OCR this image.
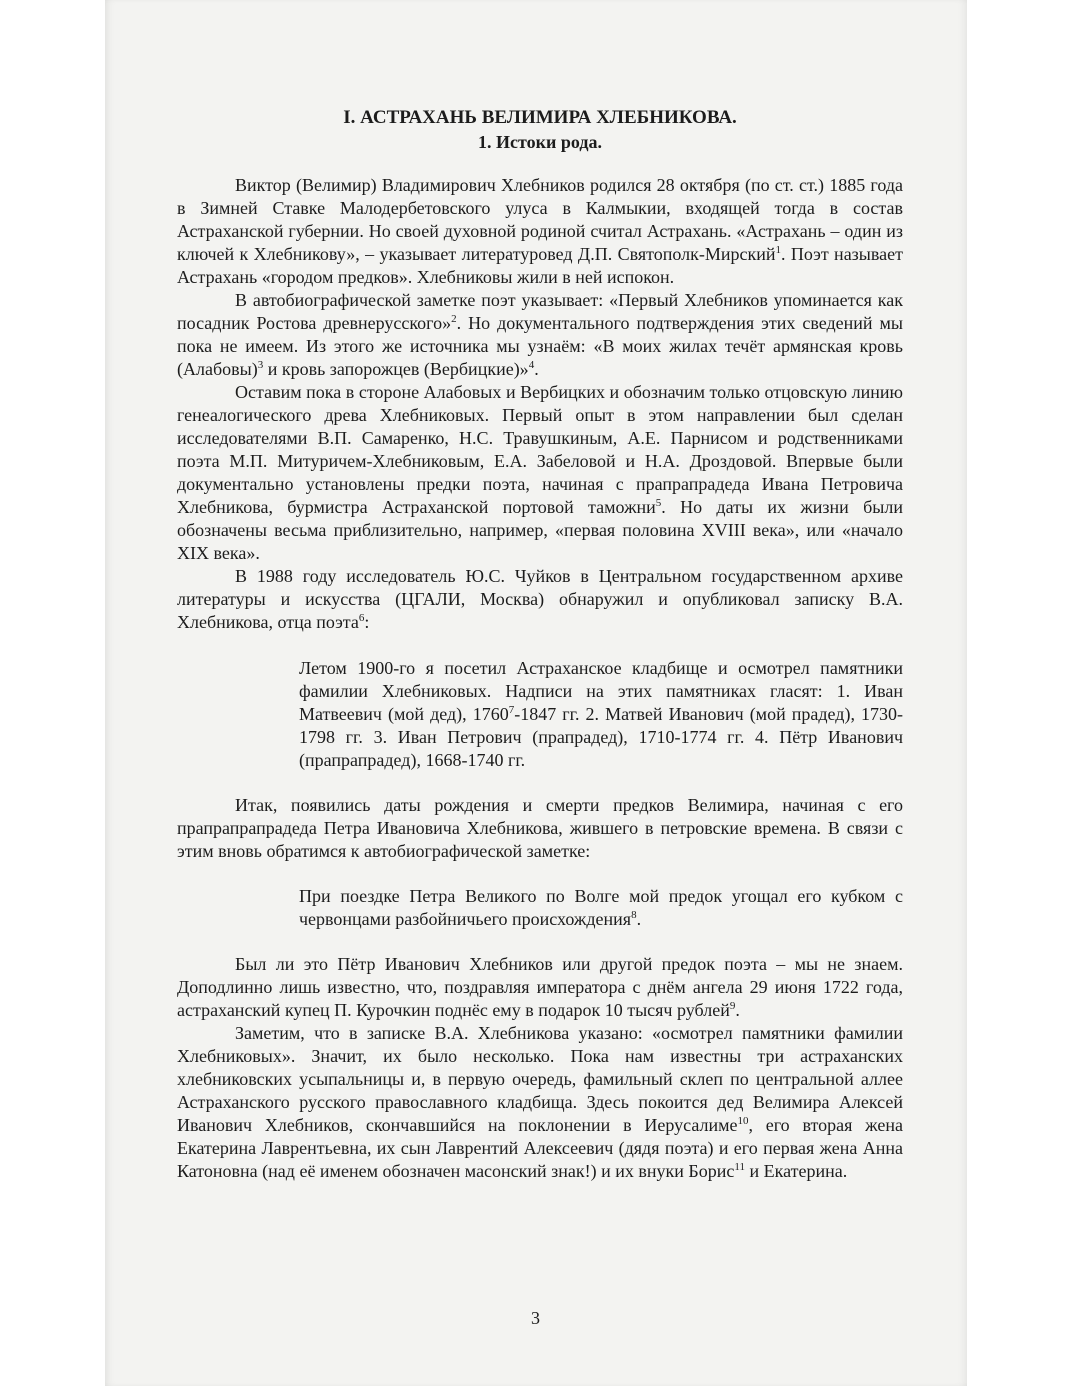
I. АСТРАХАНЬ ВЕЛИМИРА ХЛЕБНИКОВА.

1. Истоки рода.

Виктор (Велимир) Владимирович Хлебников родился 28 октября (по ст. ст.) 1885 года в Зимней Ставке Малодербетовского улуса в Калмыкии, входящей тогда в состав Астраханской губернии. Но своей духовной родиной считал Астрахань. «Астрахань – один из ключей к Хлебникову», – указывает литературовед Д.П. Святополк-Мирский$^1$. Поэт называет Астрахань «городом предков». Хлебниковы жили в ней испокон.

В автобиографической заметке поэт указывает: «Первый Хлебников упоминается как посадник Ростова древнерусского»$^2$. Но документального подтверждения этих сведений мы пока не имеем. Из этого же источника мы узнаём: «В моих жилах течёт армянская кровь (Алабовы)$^3$ и кровь запорожцев (Вербицкие)»$^4$.

Оставим пока в стороне Алабовых и Вербицких и обозначим только отцовскую линию генеалогического древа Хлебниковых. Первый опыт в этом направлении был сделан исследователями В.П. Самаренко, Н.С. Травушкиным, А.Е. Парнисом и родственниками поэта М.П. Митуричем-Хлебниковым, Е.А. Забеловой и Н.А. Дроздовой. Впервые были документально установлены предки поэта, начиная с прапрапрадеда Ивана Петровича Хлебникова, бурмистра Астраханской портовой таможни$^5$. Но даты их жизни были обозначены весьма приблизительно, например, «первая половина XVIII века», или «начало XIX века».

В 1988 году исследователь Ю.С. Чуйков в Центральном государственном архиве литературы и искусства (ЦГАЛИ, Москва) обнаружил и опубликовал записку В.А. Хлебникова, отца поэта$^6$:

Летом 1900-го я посетил Астраханское кладбище и осмотрел памятники фамилии Хлебниковых. Надписи на этих памятниках гласят: 1. Иван Матвеевич (мой дед), 1760$^7$-1847 гг. 2. Матвей Иванович (мой прадед), 1730-1798 гг. 3. Иван Петрович (прапрадед), 1710-1774 гг. 4. Пётр Иванович (прапрапрадед), 1668-1740 гг.

Итак, появились даты рождения и смерти предков Велимира, начиная с его прапрапрапрадеда Петра Ивановича Хлебникова, жившего в петровские времена. В связи с этим вновь обратимся к автобиографической заметке:

При поездке Петра Великого по Волге мой предок угощал его кубком с червонцами разбойничьего происхождения$^8$.

Был ли это Пётр Иванович Хлебников или другой предок поэта – мы не знаем. Доподлинно лишь известно, что, поздравляя императора с днём ангела 29 июня 1722 года, астраханский купец П. Курочкин поднёс ему в подарок 10 тысяч рублей$^9$.

Заметим, что в записке В.А. Хлебникова указано: «осмотрел памятники фамилии Хлебниковых». Значит, их было несколько. Пока нам известны три астраханских хлебниковских усыпальницы и, в первую очередь, фамильный склеп по центральной аллее Астраханского русского православного кладбища. Здесь покоится дед Велимира Алексей Иванович Хлебников, скончавшийся на поклонении в Иерусалиме$^{10}$, его вторая жена Екатерина Лаврентьевна, их сын Лаврентий Алексеевич (дядя поэта) и его первая жена Анна Катоновна (над её именем обозначен масонский знак!) и их внуки Борис$^{11}$ и Екатерина.

3
